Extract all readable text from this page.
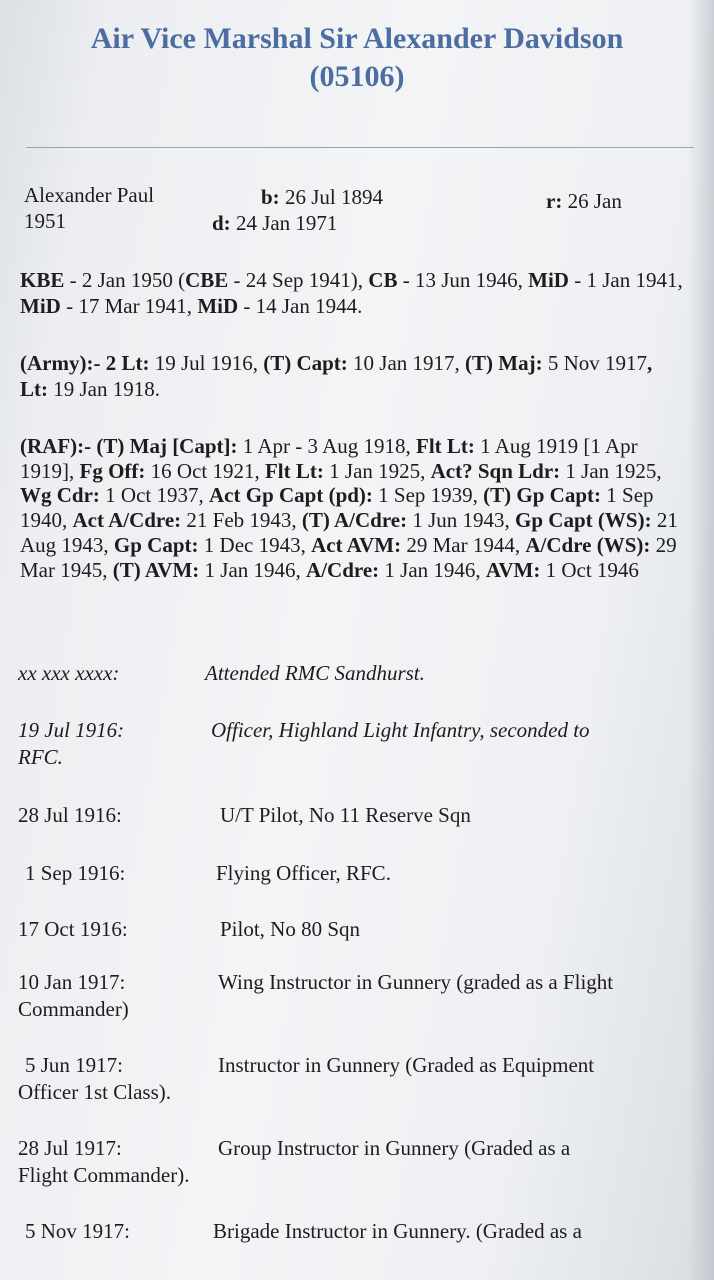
Air Vice Marshal Sir Alexander Davidson
(05106)
Alexander Paul
1951
b: 26 Jul 1894
d: 24 Jan 1971
r: 26 Jan
KBE - 2 Jan 1950 (CBE - 24 Sep 1941), CB - 13 Jun 1946, MiD - 1 Jan 1941, MiD - 17 Mar 1941, MiD - 14 Jan 1944.
(Army):- 2 Lt: 19 Jul 1916, (T) Capt: 10 Jan 1917, (T) Maj: 5 Nov 1917, Lt: 19 Jan 1918.
(RAF):- (T) Maj [Capt]: 1 Apr - 3 Aug 1918, Flt Lt: 1 Aug 1919 [1 Apr 1919], Fg Off: 16 Oct 1921, Flt Lt: 1 Jan 1925, Act? Sqn Ldr: 1 Jan 1925, Wg Cdr: 1 Oct 1937, Act Gp Capt (pd): 1 Sep 1939, (T) Gp Capt: 1 Sep 1940, Act A/Cdre: 21 Feb 1943, (T) A/Cdre: 1 Jun 1943, Gp Capt (WS): 21 Aug 1943, Gp Capt: 1 Dec 1943, Act AVM: 29 Mar 1944, A/Cdre (WS): 29 Mar 1945, (T) AVM: 1 Jan 1946, A/Cdre: 1 Jan 1946, AVM: 1 Oct 1946
xx xxx xxxx:	Attended RMC Sandhurst.
19 Jul 1916:	Officer, Highland Light Infantry, seconded to
RFC.
28 Jul 1916:	U/T Pilot, No 11 Reserve Sqn
1 Sep 1916:	Flying Officer, RFC.
17 Oct 1916:	Pilot, No 80 Sqn
10 Jan 1917:	Wing Instructor in Gunnery (graded as a Flight
Commander)
5 Jun 1917:	Instructor in Gunnery (Graded as Equipment
Officer 1st Class).
28 Jul 1917:	Group Instructor in Gunnery (Graded as a
Flight Commander).
5 Nov 1917:	Brigade Instructor in Gunnery. (Graded as a
